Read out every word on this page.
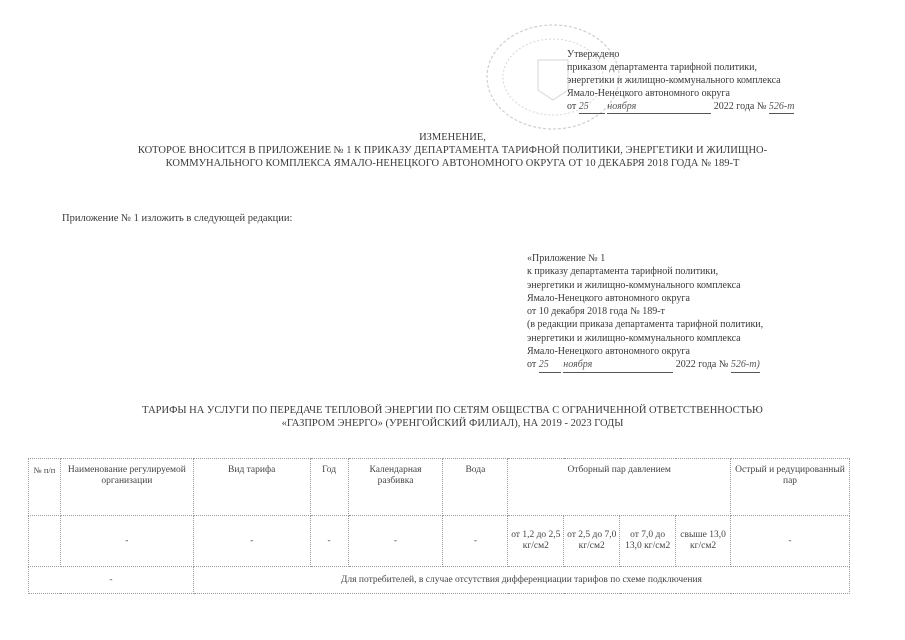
Утверждено
приказом департамента тарифной политики,
энергетики и жилищно-коммунального комплекса
Ямало-Ненецкого автономного округа
от 25 ноября	2022 года № 526-т
ИЗМЕНЕНИЕ,
КОТОРОЕ ВНОСИТСЯ В ПРИЛОЖЕНИЕ № 1 К ПРИКАЗУ ДЕПАРТАМЕНТА ТАРИФНОЙ ПОЛИТИКИ, ЭНЕРГЕТИКИ И ЖИЛИЩНО-
КОММУНАЛЬНОГО КОМПЛЕКСА ЯМАЛО-НЕНЕЦКОГО АВТОНОМНОГО ОКРУГА ОТ 10 ДЕКАБРЯ 2018 ГОДА № 189-Т
Приложение № 1 изложить в следующей редакции:
«Приложение № 1
к приказу департамента тарифной политики,
энергетики и жилищно-коммунального комплекса
Ямало-Ненецкого автономного округа
от 10 декабря 2018 года № 189-т
(в редакции приказа департамента тарифной политики,
энергетики и жилищно-коммунального комплекса
Ямало-Ненецкого автономного округа
от 25 ноября	2022 года № 526-т)
ТАРИФЫ НА УСЛУГИ ПО ПЕРЕДАЧЕ ТЕПЛОВОЙ ЭНЕРГИИ ПО СЕТЯМ ОБЩЕСТВА С ОГРАНИЧЕННОЙ ОТВЕТСТВЕННОСТЬЮ
«ГАЗПРОМ ЭНЕРГО» (УРЕНГОЙСКИЙ ФИЛИАЛ), НА 2019 - 2023 ГОДЫ
№ п/п	Наименование регулируемой организации	Вид тарифа	Год	Календарная разбивка	Вода	Отборный пар давлением				Острый и редуцированный пар
	-	-	-	-	-	от 1,2 до 2,5 кг/см2	от 2,5 до 7,0 кг/см2	от 7,0 до 13,0 кг/см2	свыше 13,0 кг/см2	-
-		Для потребителей, в случае отсутствия дифференциации тарифов по схеме подключения								
